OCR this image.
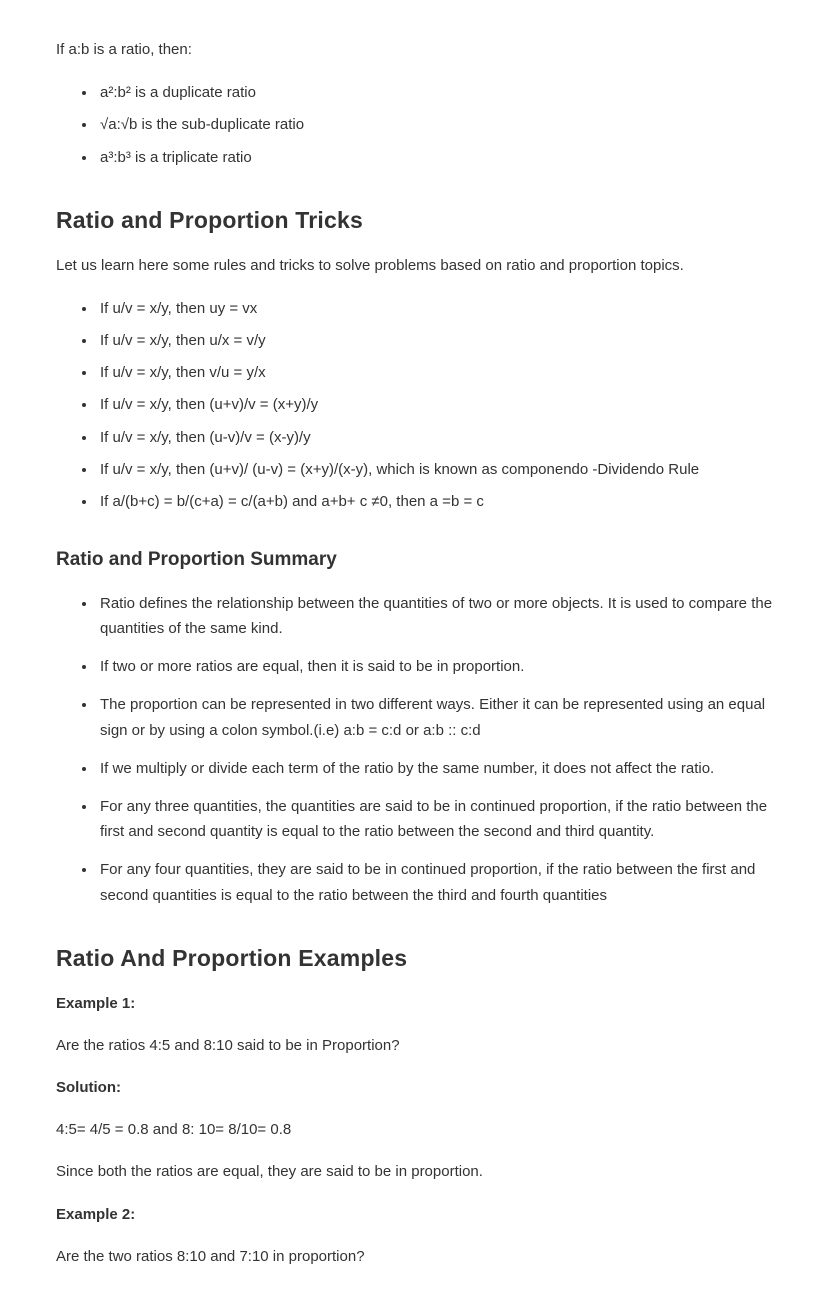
If a:b is a ratio, then:

• a²:b² is a duplicate ratio
• √a:√b is the sub-duplicate ratio
• a³:b³ is a triplicate ratio
Ratio and Proportion Tricks

Let us learn here some rules and tricks to solve problems based on ratio and proportion topics.

• If u/v = x/y, then uy = vx
• If u/v = x/y, then u/x = v/y
• If u/v = x/y, then v/u = y/x
• If u/v = x/y, then (u+v)/v = (x+y)/y
• If u/v = x/y, then (u-v)/v = (x-y)/y
• If u/v = x/y, then (u+v)/ (u-v) = (x+y)/(x-y), which is known as componendo -Dividendo Rule
• If a/(b+c) = b/(c+a) = c/(a+b) and a+b+ c ≠0, then a =b = c
Ratio and Proportion Summary
• Ratio defines the relationship between the quantities of two or more objects. It is used to compare the quantities of the same kind.
• If two or more ratios are equal, then it is said to be in proportion.
• The proportion can be represented in two different ways. Either it can be represented using an equal sign or by using a colon symbol.(i.e) a:b = c:d or a:b :: c:d
• If we multiply or divide each term of the ratio by the same number, it does not affect the ratio.
• For any three quantities, the quantities are said to be in continued proportion, if the ratio between the first and second quantity is equal to the ratio between the second and third quantity.
• For any four quantities, they are said to be in continued proportion, if the ratio between the first and second quantities is equal to the ratio between the third and fourth quantities
Ratio And Proportion Examples

Example 1:

Are the ratios 4:5 and 8:10 said to be in Proportion?

Solution:

4:5= 4/5 = 0.8 and 8: 10= 8/10= 0.8

Since both the ratios are equal, they are said to be in proportion.

Example 2:

Are the two ratios 8:10 and 7:10 in proportion?
